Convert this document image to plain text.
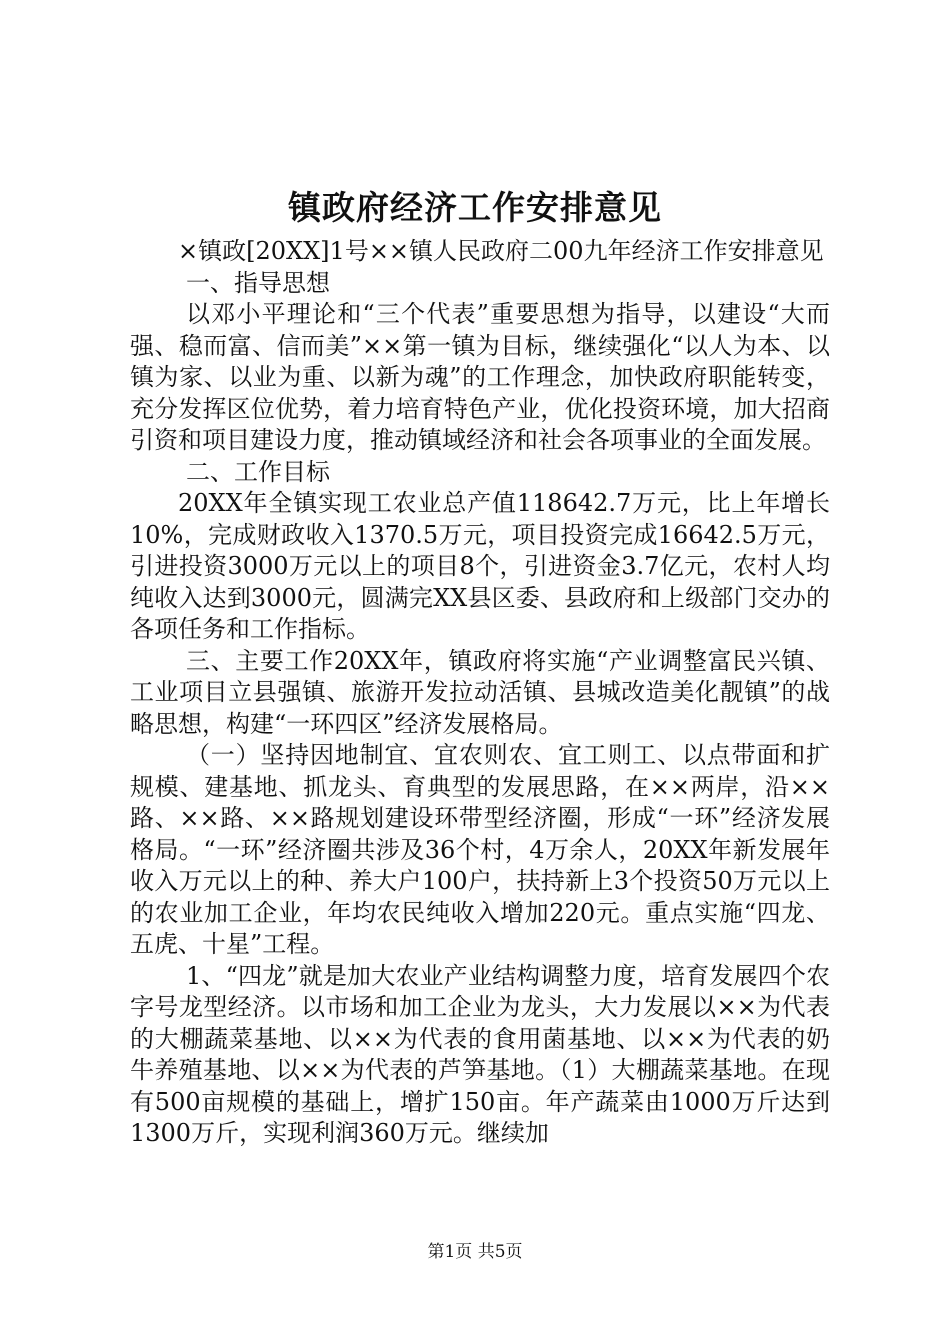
镇政府经济工作安排意见

×镇政[20XX]1号××镇人民政府二00九年经济工作安排意见

一、指导思想

以邓小平理论和“三个代表”重要思想为指导，以建设“大而强、稳而富、信而美”××第一镇为目标，继续强化“以人为本、以镇为家、以业为重、以新为魂”的工作理念，加快政府职能转变，充分发挥区位优势，着力培育特色产业，优化投资环境，加大招商引资和项目建设力度，推动镇域经济和社会各项事业的全面发展。

二、工作目标

20XX年全镇实现工农业总产值118642.7万元，比上年增长10%，完成财政收入1370.5万元，项目投资完成16642.5万元，引进投资3000万元以上的项目8个，引进资金3.7亿元，农村人均纯收入达到3000元，圆满完XX县区委、县政府和上级部门交办的各项任务和工作指标。

三、主要工作20XX年，镇政府将实施“产业调整富民兴镇、工业项目立县强镇、旅游开发拉动活镇、县城改造美化靓镇”的战略思想，构建“一环四区”经济发展格局。

（一）坚持因地制宜、宜农则农、宜工则工、以点带面和扩规模、建基地、抓龙头、育典型的发展思路，在××两岸，沿××路、××路、××路规划建设环带型经济圈，形成“一环”经济发展格局。“一环”经济圈共涉及36个村，4万余人，20XX年新发展年收入万元以上的种、养大户100户，扶持新上3个投资50万元以上的农业加工企业，年均农民纯收入增加220元。重点实施“四龙、五虎、十星”工程。

1、“四龙”就是加大农业产业结构调整力度，培育发展四个农字号龙型经济。以市场和加工企业为龙头，大力发展以××为代表的大棚蔬菜基地、以××为代表的食用菌基地、以××为代表的奶牛养殖基地、以××为代表的芦笋基地。（1）大棚蔬菜基地。在现有500亩规模的基础上，增扩150亩。年产蔬菜由1000万斤达到1300万斤，实现利润360万元。继续加

第1页 共5页
